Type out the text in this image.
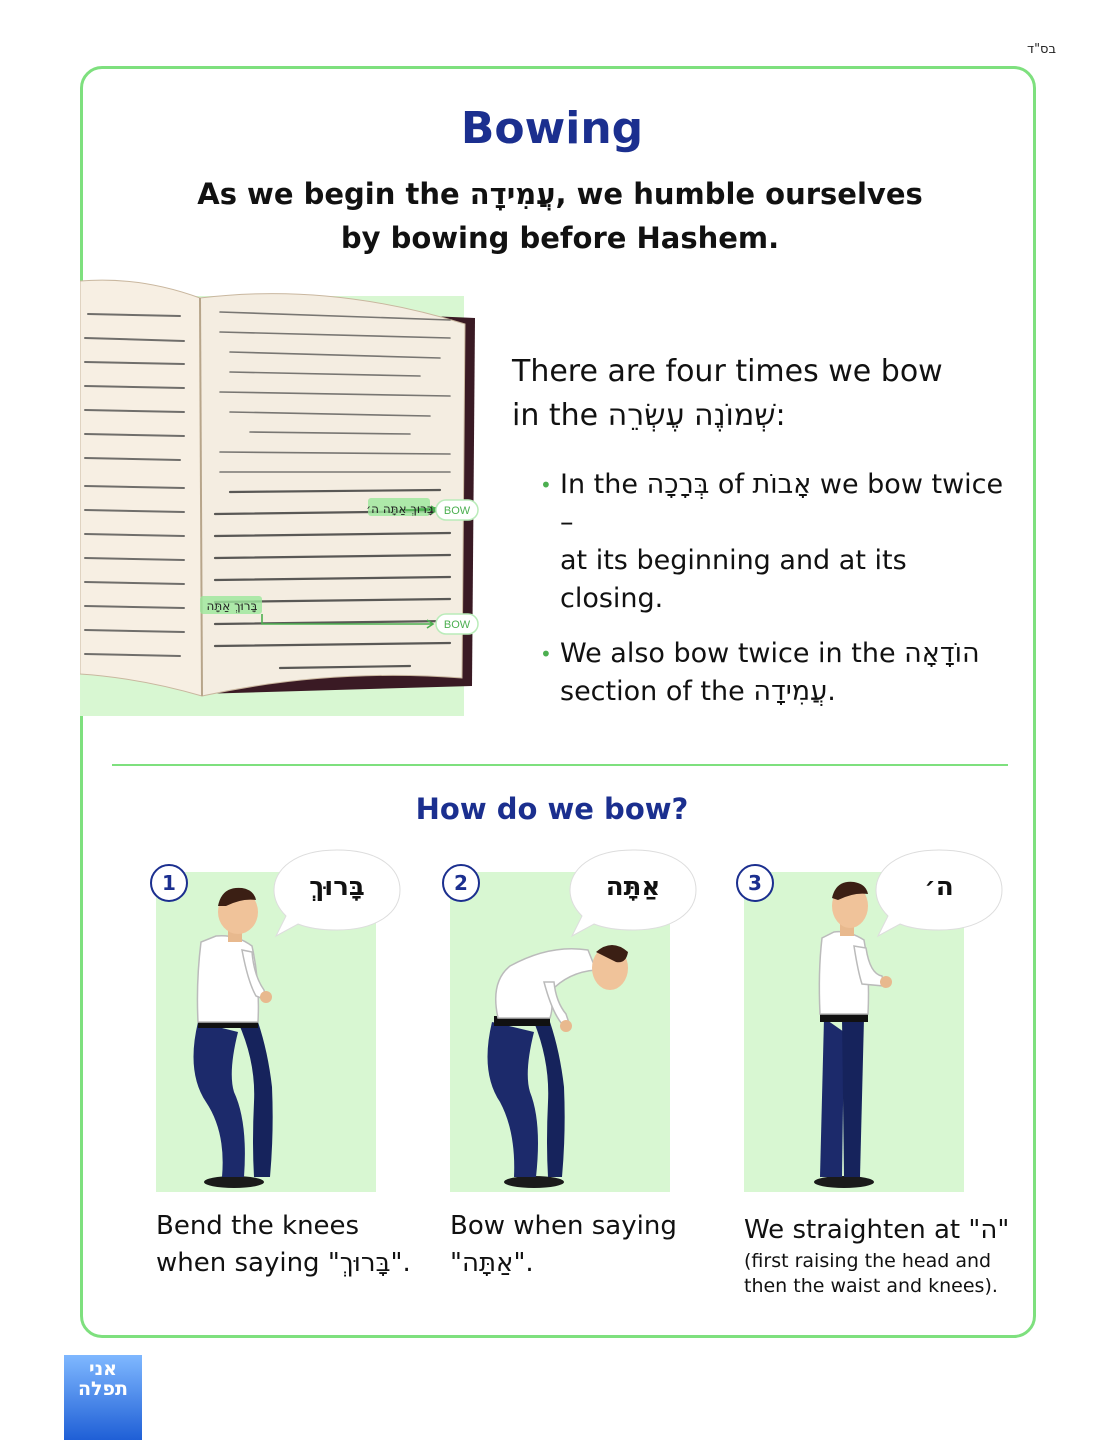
בס"ד
Bowing
As we begin the עֲמִידָה, we humble ourselves
by bowing before Hashem.
BOW
BOW
בָּרוּךְ אַתָּה ה׳
בָּרוּךְ אַתָּה
There are four times we bow
in the שְׁמוֹנֶה עֶשְׂרֵה:
• In the בְּרָכָה of אָבוֹת we bow twice –
at its beginning and at its closing.
• We also bow twice in the הוֹדָאָה
section of the עֲמִידָה.
How do we bow?
בָּרוּךְ	אַתָּה	ה׳
1	2	3
Bend the knees
when saying "בָּרוּךְ".
Bow when saying
"אַתָּה".
We straighten at "ה"
(first raising the head and
then the waist and knees).
אני
תפלה
